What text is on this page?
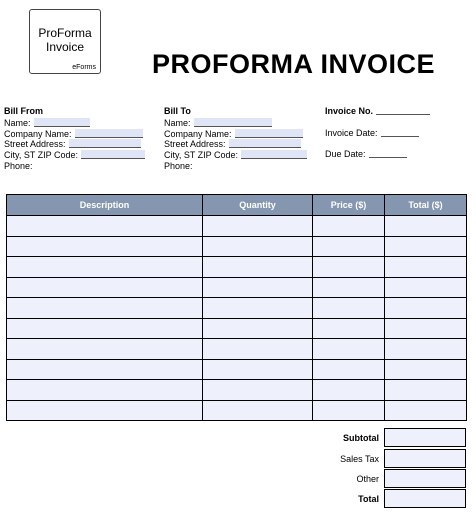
ProForma
Invoice
eForms PROFORMA INVOICE
Bill From
Name:
Company Name:
Street Address:
City, ST ZIP Code:
Phone:
Bill To
Name:
Company Name:
Street Address:
City, ST ZIP Code:
Phone:
Invoice No.
Invoice Date:
Due Date:
Description	Quantity	Price ($)	Total ($)

Subtotal
Sales Tax
Other
Total
